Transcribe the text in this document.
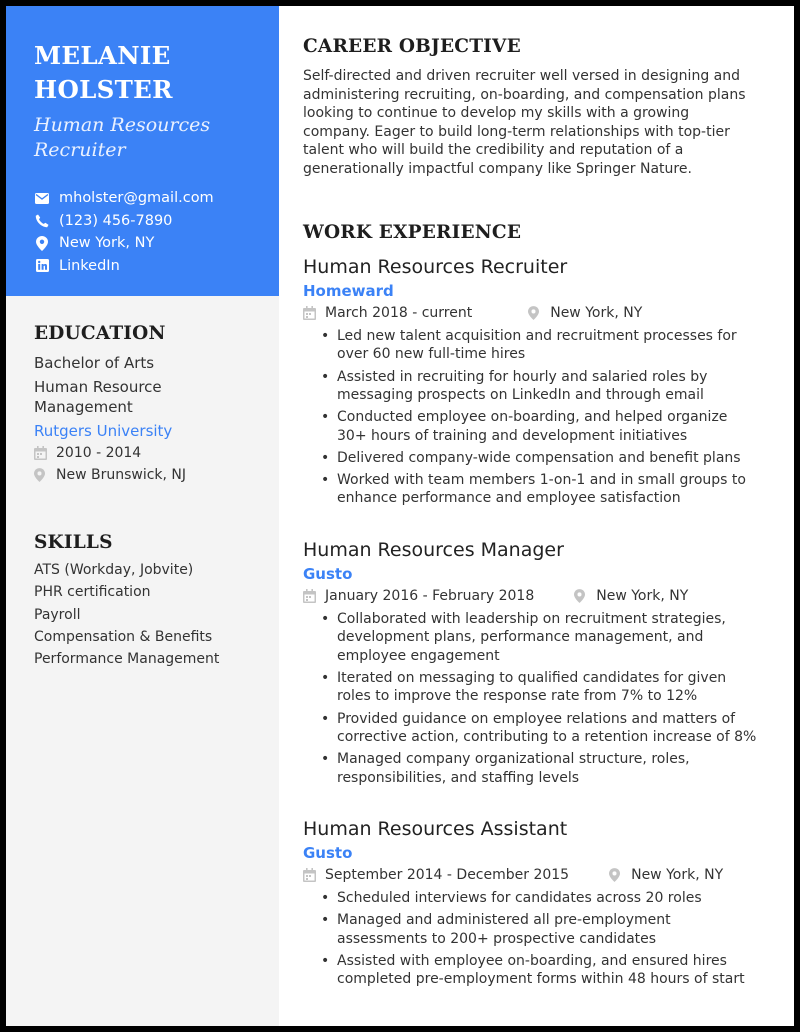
MELANIE
HOLSTER
Human Resources
Recruiter
mholster@gmail.com
(123) 456-7890
New York, NY
LinkedIn
EDUCATION
Bachelor of Arts
Human Resource
Management
Rutgers University
2010 - 2014
New Brunswick, NJ
SKILLS
ATS (Workday, Jobvite)
PHR certification
Payroll
Compensation & Benefits
Performance Management
CAREER OBJECTIVE
Self-directed and driven recruiter well versed in designing and
administering recruiting, on-boarding, and compensation plans
looking to continue to develop my skills with a growing
company. Eager to build long-term relationships with top-tier
talent who will build the credibility and reputation of a
generationally impactful company like Springer Nature.
WORK EXPERIENCE
Human Resources Recruiter
Homeward
March 2018 - current	New York, NY
• Led new talent acquisition and recruitment processes for
over 60 new full-time hires
• Assisted in recruiting for hourly and salaried roles by
messaging prospects on LinkedIn and through email
• Conducted employee on-boarding, and helped organize
30+ hours of training and development initiatives
• Delivered company-wide compensation and benefit plans
• Worked with team members 1-on-1 and in small groups to
enhance performance and employee satisfaction
Human Resources Manager
Gusto
January 2016 - February 2018	New York, NY
• Collaborated with leadership on recruitment strategies,
development plans, performance management, and
employee engagement
• Iterated on messaging to qualified candidates for given
roles to improve the response rate from 7% to 12%
• Provided guidance on employee relations and matters of
corrective action, contributing to a retention increase of 8%
• Managed company organizational structure, roles,
responsibilities, and staffing levels
Human Resources Assistant
Gusto
September 2014 - December 2015	New York, NY
• Scheduled interviews for candidates across 20 roles
• Managed and administered all pre-employment
assessments to 200+ prospective candidates
• Assisted with employee on-boarding, and ensured hires
completed pre-employment forms within 48 hours of start
